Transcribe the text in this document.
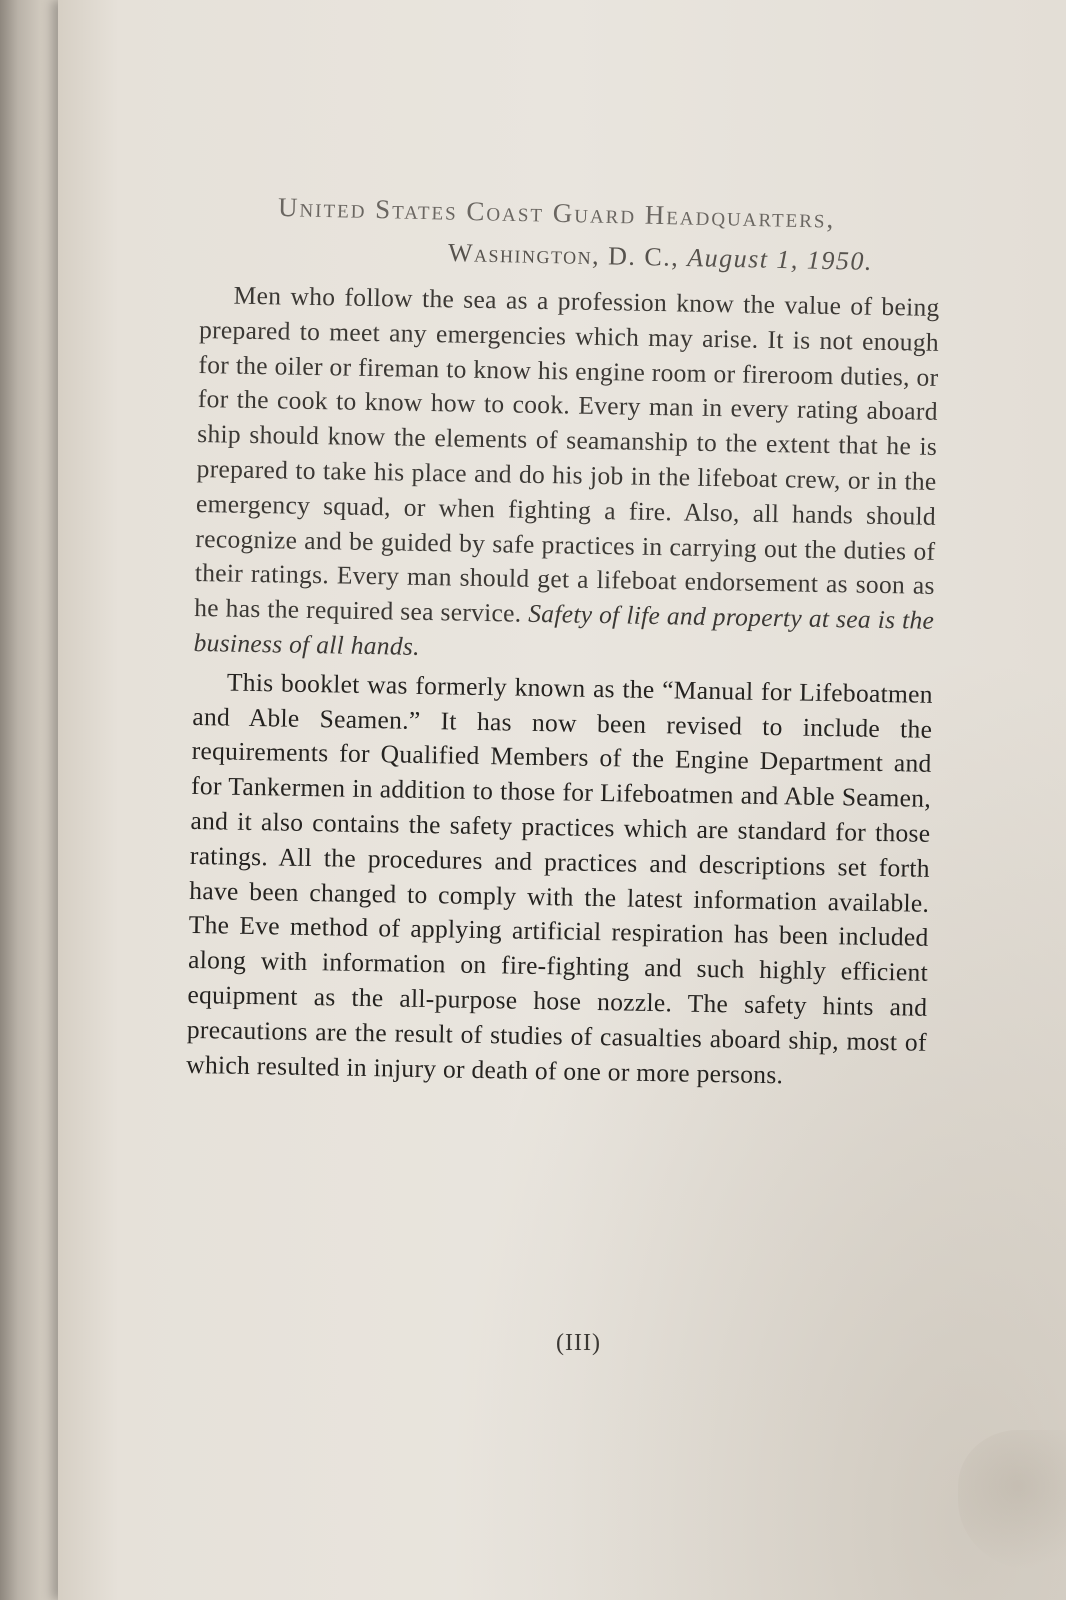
United States Coast Guard Headquarters,
Washington, D. C., August 1, 1950.

Men who follow the sea as a profession know the value of being prepared to meet any emergencies which may arise. It is not enough for the oiler or fireman to know his engine room or fireroom duties, or for the cook to know how to cook. Every man in every rating aboard ship should know the elements of seamanship to the extent that he is prepared to take his place and do his job in the lifeboat crew, or in the emergency squad, or when fighting a fire. Also, all hands should recognize and be guided by safe practices in carrying out the duties of their ratings. Every man should get a lifeboat endorsement as soon as he has the required sea service. Safety of life and property at sea is the business of all hands.

This booklet was formerly known as the “Manual for Lifeboatmen and Able Seamen.” It has now been revised to include the requirements for Qualified Members of the Engine Department and for Tankermen in addition to those for Lifeboatmen and Able Seamen, and it also contains the safety practices which are standard for those ratings. All the procedures and practices and descriptions set forth have been changed to comply with the latest information available. The Eve method of applying artificial respiration has been included along with information on fire-fighting and such highly efficient equipment as the all-purpose hose nozzle. The safety hints and precautions are the result of studies of casualties aboard ship, most of which resulted in injury or death of one or more persons.

(III)
